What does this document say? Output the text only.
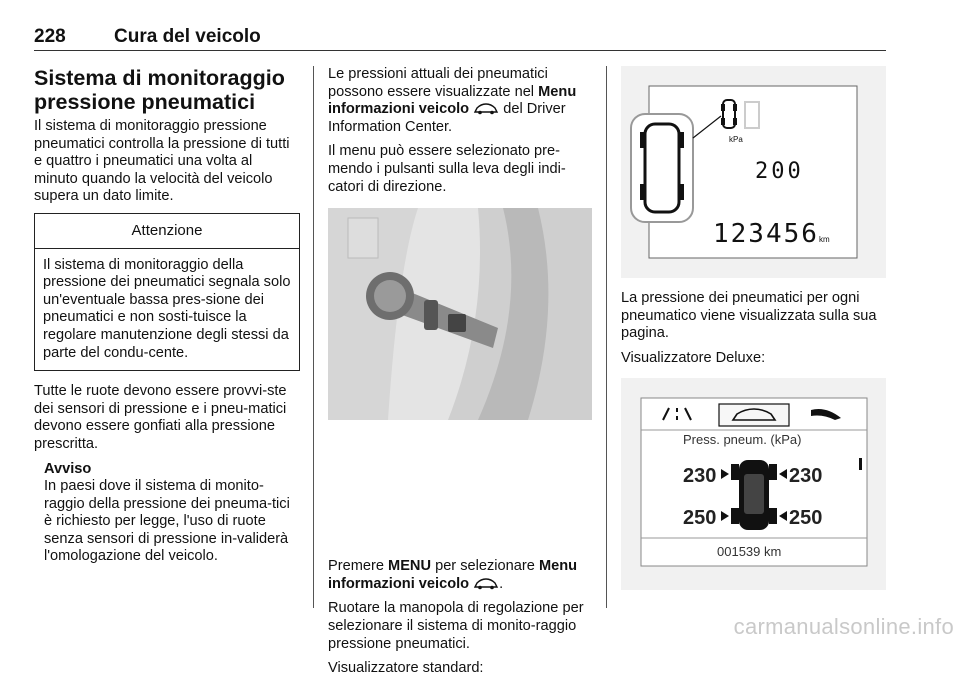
228	Cura del veicolo
Sistema di monitoraggio pressione pneumatici

Il sistema di monitoraggio pressione pneumatici controlla la pressione di tutti e quattro i pneumatici una volta al minuto quando la velocità del veicolo supera un dato limite.

Attenzione
Il sistema di monitoraggio della pressione dei pneumatici segnala solo un'eventuale bassa pres-sione dei pneumatici e non sosti-tuisce la regolare manutenzione degli stessi da parte del condu-cente.

Tutte le ruote devono essere provvi-ste dei sensori di pressione e i pneu-matici devono essere gonfiati alla pressione prescritta.

Avviso
In paesi dove il sistema di monito-raggio della pressione dei pneuma-tici è richiesto per legge, l'uso di ruote senza sensori di pressione in-validerà l'omologazione del veicolo.

Le pressioni attuali dei pneumatici possono essere visualizzate nel Menu informazioni veicolo del Driver Information Center.

Il menu può essere selezionato pre-mendo i pulsanti sulla leva degli indi-catori di direzione.

Premere MENU per selezionare Menu informazioni veicolo .

Ruotare la manopola di regolazione per selezionare il sistema di monito-raggio pressione pneumatici.

Visualizzatore standard:

kPa
200
123456 km

La pressione dei pneumatici per ogni pneumatico viene visualizzata sulla sua pagina.

Visualizzatore Deluxe:

Press. pneum. (kPa)
230	230
250	250
001539 km
carmanualsonline.info
